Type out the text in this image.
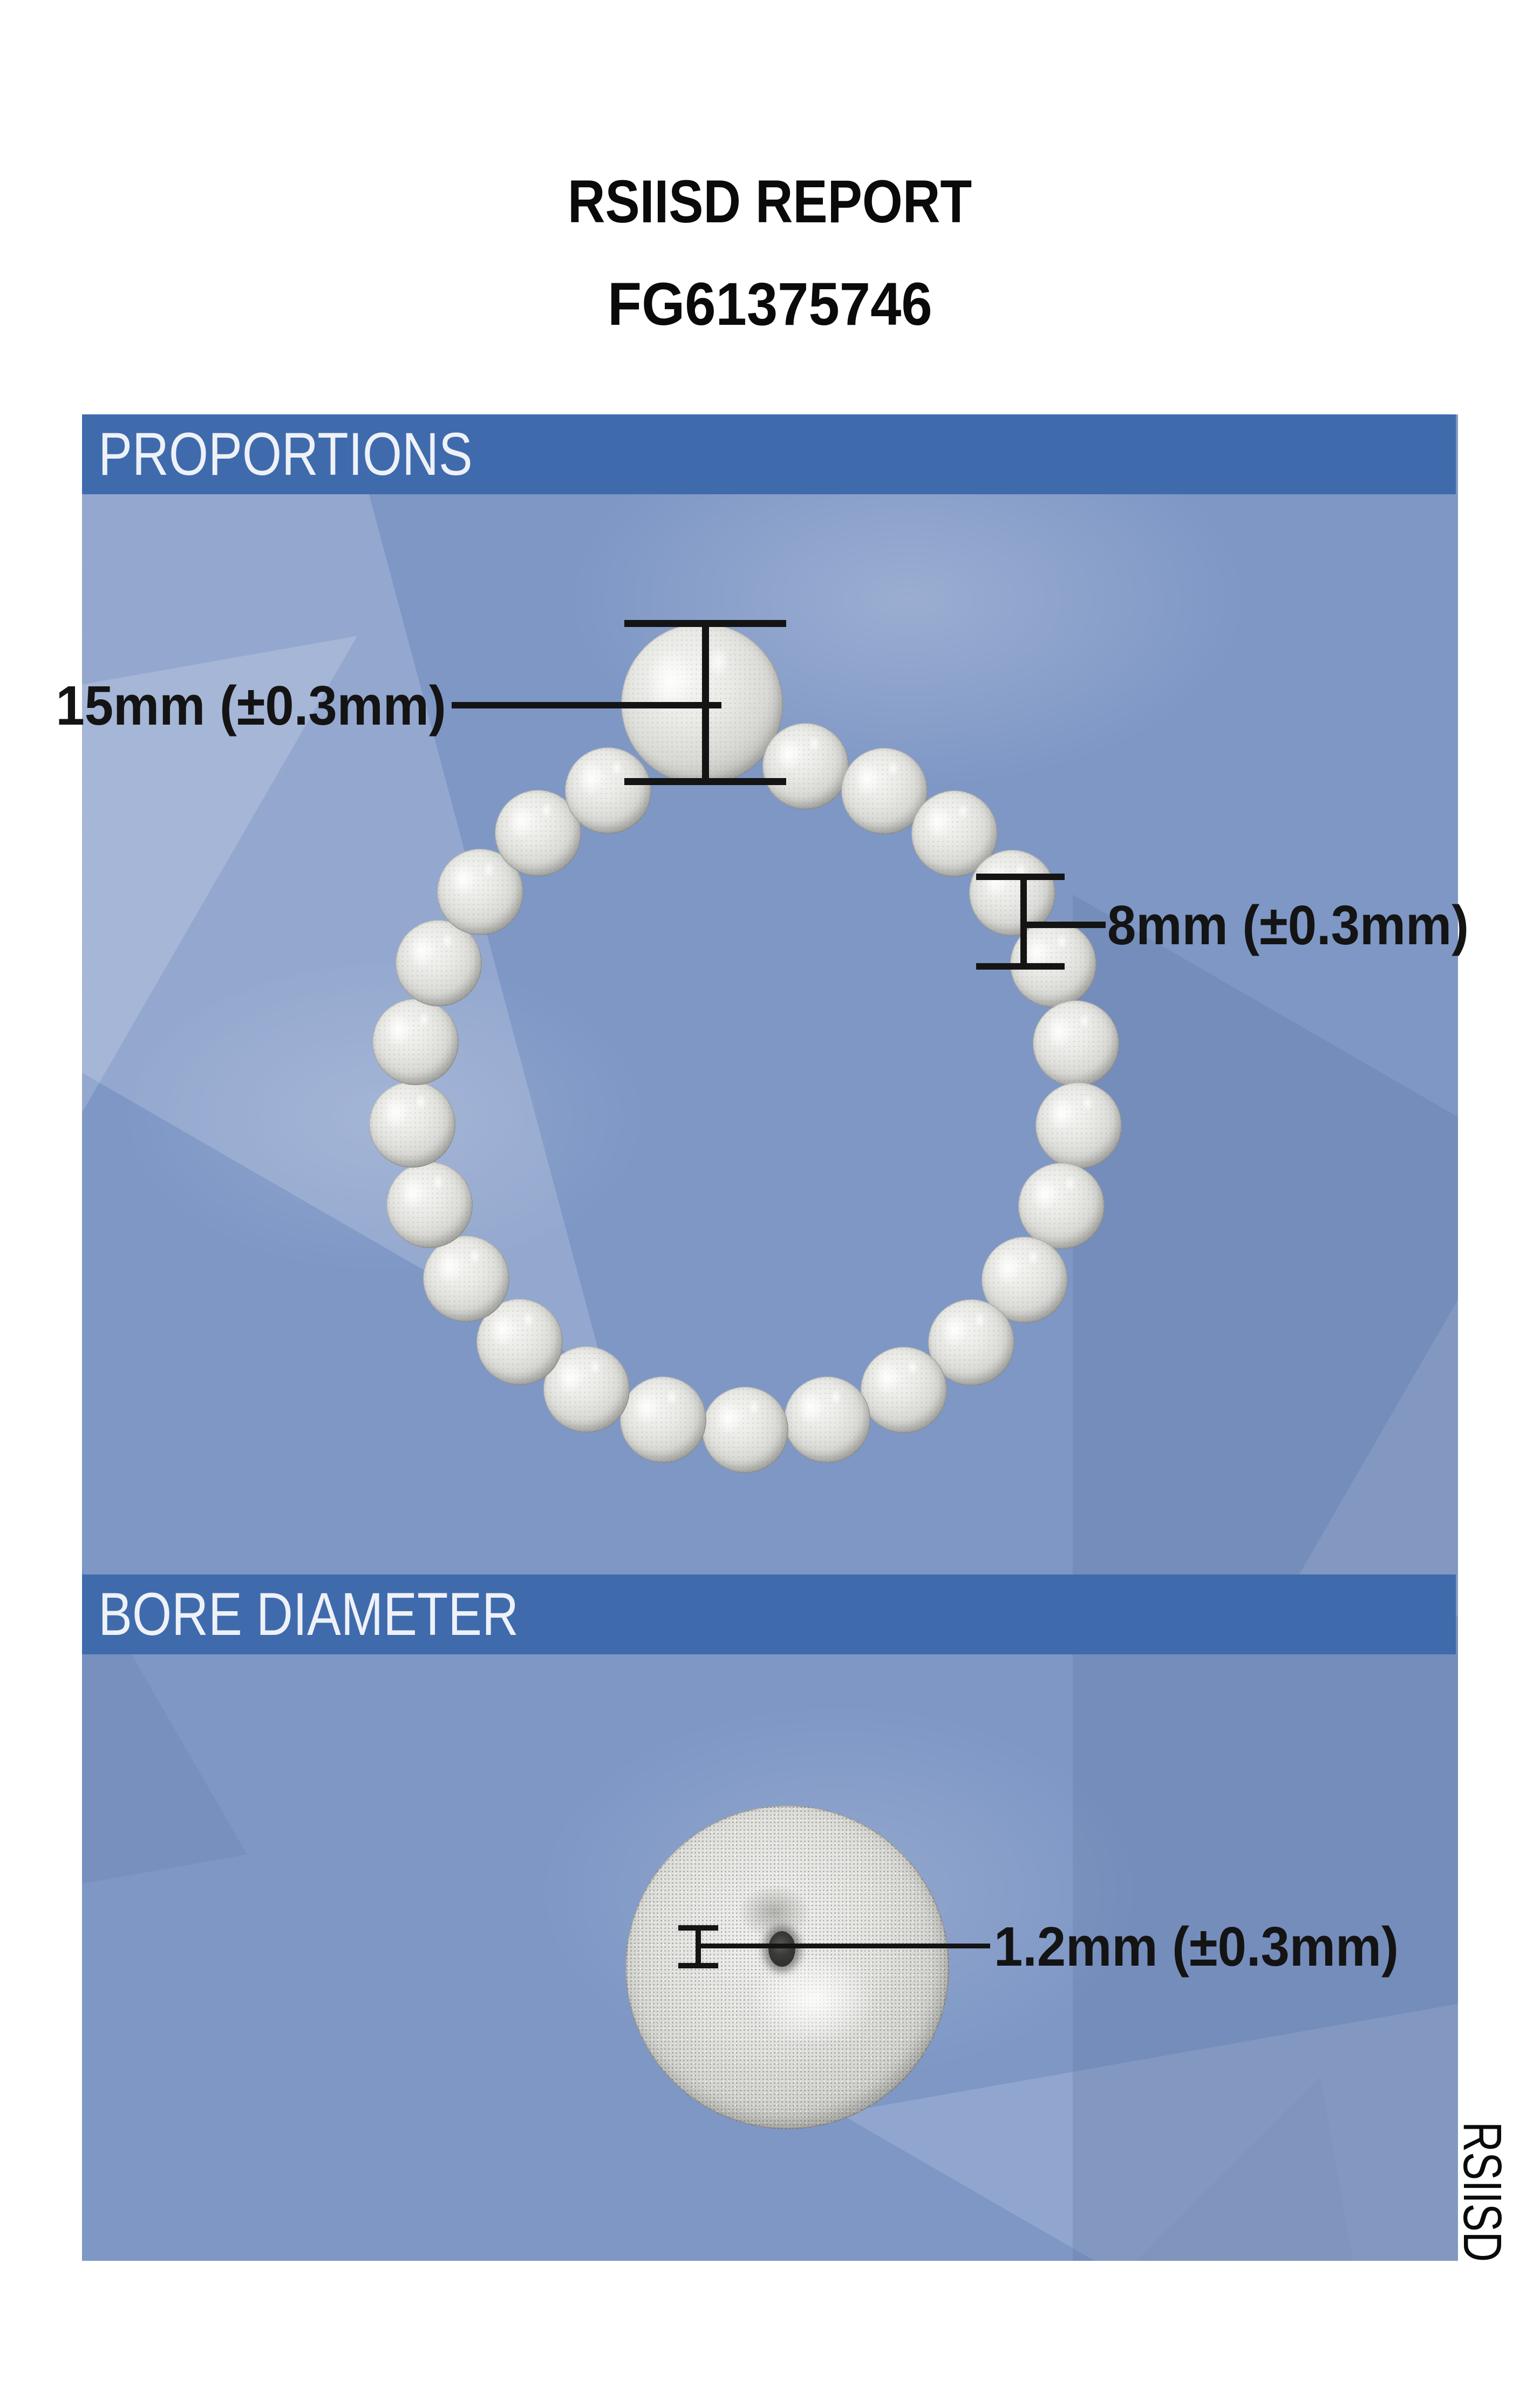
RSIISD REPORT
FG61375746
PROPORTIONS
15mm (±0.3mm)
8mm (±0.3mm)
BORE DIAMETER
1.2mm (±0.3mm)
RSIISD
